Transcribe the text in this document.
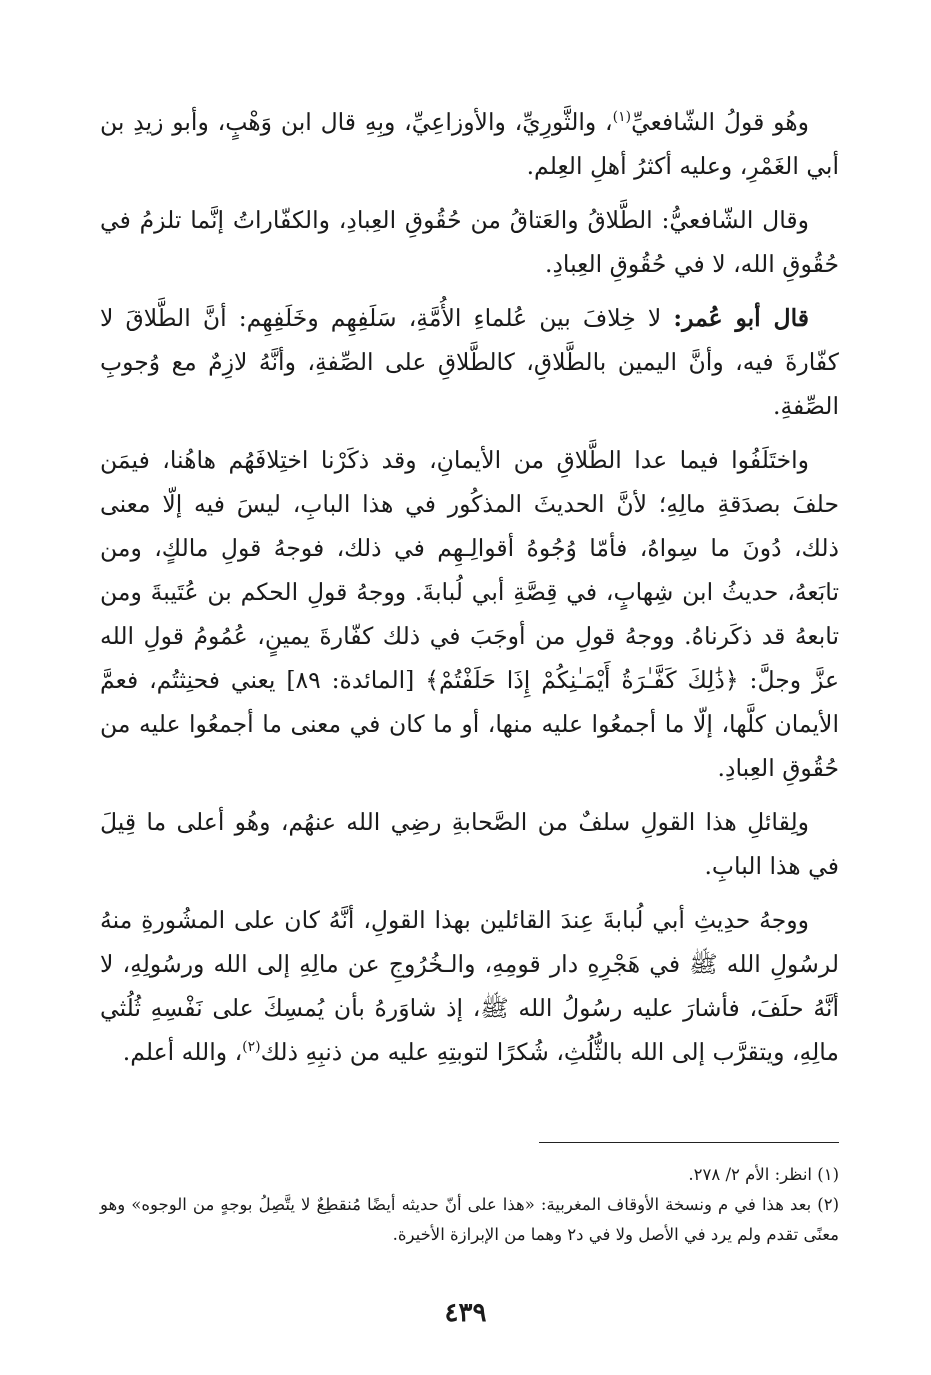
وهُو قولُ الشّافعيِّ$^{(١)}$، والثَّورِيِّ، والأوزاعِيِّ، وبِهِ قال ابن وَهْبٍ، وأبو زيدِ بن أبي الغَمْرِ، وعليه أكثرُ أهلِ العِلم.

وقال الشّافعيُّ: الطَّلاقُ والعَتاقُ من حُقُوقِ العِبادِ، والكفّاراتُ إنَّما تلزمُ في حُقُوقِ الله، لا في حُقُوقِ العِبادِ.

قال أبو عُمر: لا خِلافَ بين عُلماءِ الأُمَّةِ، سَلَفِهِم وخَلَفِهِم: أنَّ الطَّلاقَ لا كفّارةَ فيه، وأنَّ اليمين بالطَّلاقِ، كالطَّلاقِ على الصِّفةِ، وأنَّهُ لازِمٌ مع وُجوبِ الصِّفةِ.

واختَلَفُوا فيما عدا الطَّلاقِ من الأيمانِ، وقد ذكَرْنا اختِلافَهُم هاهُنا، فيمَن حلفَ بصدَقةِ مالِهِ؛ لأنَّ الحديثَ المذكُور في هذا البابِ، ليسَ فيه إلّا معنى ذلك، دُونَ ما سِواهُ، فأمّا وُجُوهُ أقوالِـهِم في ذلك، فوجهُ قولِ مالكٍ، ومن تابَعهُ، حديثُ ابن شِهابٍ، في قِصَّةِ أبي لُبابةَ. ووجهُ قولِ الحكم بن عُتَيبةَ ومن تابعهُ قد ذكَرناهُ. ووجهُ قولِ من أوجَبَ في ذلك كفّارةَ يمينٍ، عُمُومُ قولِ الله عزَّ وجلَّ: ﴿ذَٰلِكَ كَفَّـٰرَةُ أَيْمَـٰنِكُمْ إِذَا حَلَفْتُمْ﴾ [المائدة: ٨٩] يعني فحنِثتُم، فعمَّ الأيمان كلَّها، إلّا ما أجمعُوا عليه منها، أو ما كان في معنى ما أجمعُوا عليه من حُقُوقِ العِبادِ.

ولِقائلِ هذا القولِ سلفٌ من الصَّحابةِ رضِي الله عنهُم، وهُو أعلى ما قِيلَ في هذا البابِ.

ووجهُ حدِيثِ أبي لُبابةَ عِندَ القائلين بهذا القولِ، أنَّهُ كان على المشُورةِ منهُ لرسُولِ الله ﷺ في هَجْرِهِ دار قومِهِ، والـخُرُوجِ عن مالِهِ إلى الله ورسُولِهِ، لا أنَّهُ حلَفَ، فأشارَ عليه رسُولُ الله ﷺ، إذ شاوَرهُ بأن يُمسِكَ على نَفْسِهِ ثُلُثي مالِهِ، ويتقرَّب إلى الله بالثُّلُثِ، شُكرًا لتوبتِهِ عليه من ذنبِهِ ذلك$^{(٢)}$، والله أعلم.

(١) انظر: الأم ٢/ ٢٧٨.

(٢) بعد هذا في م ونسخة الأوقاف المغربية: «هذا على أنّ حديثه أيضًا مُنقطِعٌ لا يتَّصِلُ بوجهٍ من الوجوه» وهو معنًى تقدم ولم يرد في الأصل ولا في د٢ وهما من الإبرازة الأخيرة.

٤٣٩
